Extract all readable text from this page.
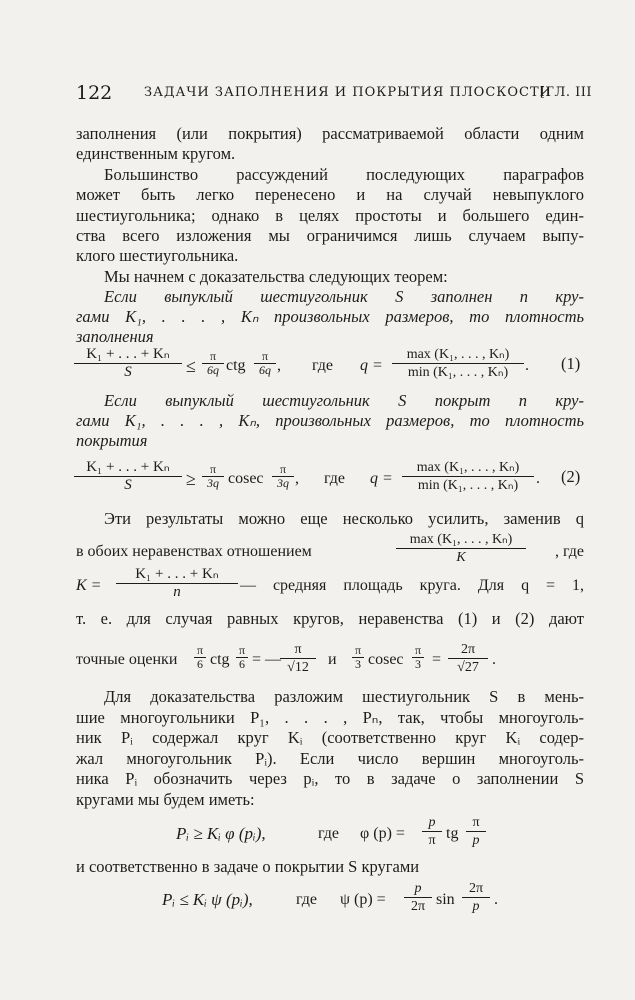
122 ЗАДАЧИ ЗАПОЛНЕНИЯ И ПОКРЫТИЯ ПЛОСКОСТИ
[ГЛ. III
заполнения (или покрытия) рассматриваемой области одним
единственным кругом.
Большинство рассуждений последующих параграфов
может быть легко перенесено и на случай невыпуклого
шестиугольника; однако в целях простоты и большего един-
ства всего изложения мы ограничимся лишь случаем выпу-
клого шестиугольника.
Мы начнем с доказательства следующих теорем:
Если выпуклый шестиугольник S заполнен n кру-
гами K₁, . . . , Kₙ произвольных размеров, то плотность
заполнения
$\frac{\text{K₁ + . . . + Kₙ}}{S} \le \frac{\pi}{6q}$ ctg $\frac{\pi}{6q}$ , где q =
max (K₁, . . . , Kₙ)
min (K₁, . . . , Kₙ)	. (1)
Если выпуклый шестиугольник S покрыт n кру-
гами K₁, . . . , Kₙ, произвольных размеров, то плотность
покрытия
$\frac{\text{K₁ + . . . + Kₙ}}{S} \ge \frac{\pi}{3q}$ cosec $\frac{\pi}{3q}$ , где q =
max (K₁, . . . , Kₙ)
min (K₁, . . . , Kₙ)	. (2)
Эти результаты можно еще несколько усилить, заменив q
в обоих неравенствах отношением
max (K₁, . . . , Kₙ)
K	, где
$K = \frac{\text{K₁ + . . . + Kₙ}}{n}$ — средняя площадь круга. Для q = 1,
т. е. для случая равных кругов, неравенства (1) и (2) дают
точные оценки $\frac{\pi}{6}$ ctg $\frac{\pi}{6}$ = —
$\frac{\pi}{√12}$ и $\frac{\pi}{3}$ cosec $\frac{\pi}{3} = \frac{2\pi}{√27}$ .
Для доказательства разложим шестиугольник S в мень-
шие многоугольники P₁, . . . , Pₙ, так, чтобы многоуголь-
ник Pᵢ содержал круг Kᵢ (соответственно круг Kᵢ содер-
жал многоугольник Pᵢ). Если число вершин многоуголь-
ника Pᵢ обозначить через pᵢ, то в задаче о заполнении S
кругами мы будем иметь:
Pᵢ ≥ Kᵢ φ (pᵢ),	где φ $(p) = \frac{p}{\pi}$ tg $\frac{\pi}{p}$
и соответственно в задаче о покрытии S кругами
Pᵢ ≤ Kᵢ ψ (pᵢ),	где ψ $(p) = \frac{p}{2\pi}$ $\sin \frac{2\pi}{p}$ .
